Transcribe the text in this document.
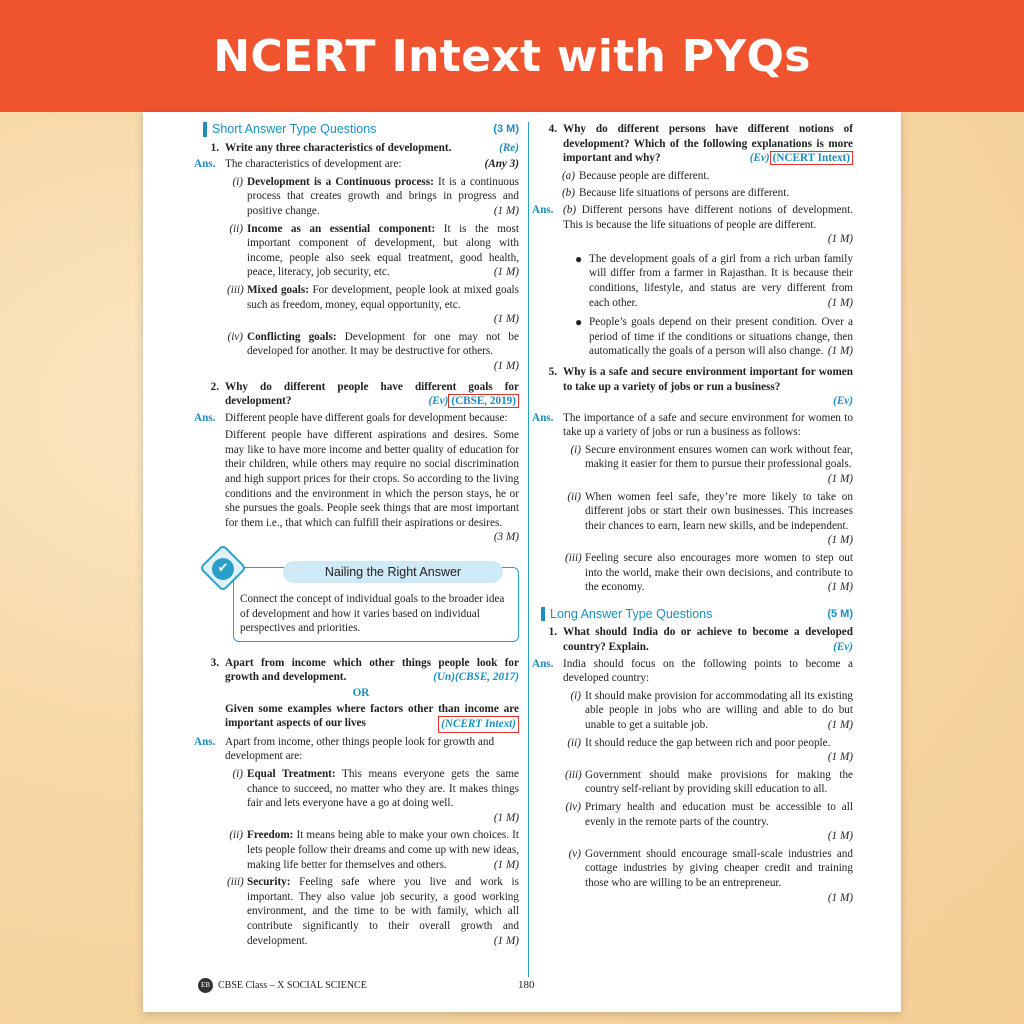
NCERT Intext with PYQs
Short Answer Type Questions	(3 M)
1. Write any three characteristics of development.	(Re)
Ans. The characteristics of development are:	(Any 3)
(i) Development is a Continuous process: It is a continuous process that creates growth and brings in progress and positive change.	(1 M)
(ii) Income as an essential component: It is the most important component of development, but along with income, people also seek equal treatment, good health, peace, literacy, job security, etc.	(1 M)
(iii) Mixed goals: For development, people look at mixed goals such as freedom, money, equal opportunity, etc.
(1 M)
(iv) Conflicting goals: Development for one may not be developed for another. It may be destructive for others.
(1 M)
2. Why do different people have different goals for development?	(Ev) (CBSE, 2019)
Ans. Different people have different goals for development because:
Different people have different aspirations and desires. Some may like to have more income and better quality of education for their children, while others may require no social discrimination and high support prices for their crops. So according to the living conditions and the environment in which the person stays, he or she pursues the goals. People seek things that are most important for them i.e., that which can fulfill their aspirations or desires.
(3 M)
Connect the concept of individual goals to the broader idea of development and how it varies based on individual perspectives and priorities.
Nailing the Right Answer
✔
3. Apart from income which other things people look for growth and development.	(Un)(CBSE, 2017)
OR
Given some examples where factors other than income are important aspects of our lives	(NCERT Intext)
Ans. Apart from income, other things people look for growth and development are:
(i) Equal Treatment: This means everyone gets the same chance to succeed, no matter who they are. It makes things fair and lets everyone have a go at doing well.
(1 M)
(ii) Freedom: It means being able to make your own choices. It lets people follow their dreams and come up with new ideas, making life better for themselves and others.	(1 M)
(iii) Security: Feeling safe where you live and work is important. They also value job security, a good working environment, and the time to be with family, which all contribute significantly to their overall growth and development.	(1 M)
4. Why do different persons have different notions of development? Which of the following explanations is more important and why?	(Ev) (NCERT Intext)
(a) Because people are different.
(b) Because life situations of persons are different.
Ans. (b) Different persons have different notions of development. This is because the life situations of people are different.
(1 M)
● The development goals of a girl from a rich urban family will differ from a farmer in Rajasthan. It is because their conditions, lifestyle, and status are very different from each other.	(1 M)
● People’s goals depend on their present condition. Over a period of time if the conditions or situations change, then automatically the goals of a person will also change. (1 M)
5. Why is a safe and secure environment important for women to take up a variety of jobs or run a business?
(Ev)
Ans. The importance of a safe and secure environment for women to take up a variety of jobs or run a business as follows:
(i) Secure environment ensures women can work without fear, making it easier for them to pursue their professional goals.
(1 M)
(ii) When women feel safe, they’re more likely to take on different jobs or start their own businesses. This increases their chances to earn, learn new skills, and be independent.
(1 M)
(iii) Feeling secure also encourages more women to step out into the world, make their own decisions, and contribute to the economy.	(1 M)
Long Answer Type Questions	(5 M)
1. What should India do or achieve to become a developed country? Explain.	(Ev)
Ans. India should focus on the following points to become a developed country:
(i) It should make provision for accommodating all its existing able people in jobs who are willing and able to do but unable to get a suitable job.	(1 M)
(ii) It should reduce the gap between rich and poor people.
(1 M)
(iii) Government should make provisions for making the country self-reliant by providing skill education to all.
(iv) Primary health and education must be accessible to all evenly in the remote parts of the country.
(1 M)
(v) Government should encourage small-scale industries and cottage industries by giving cheaper credit and training those who are willing to be an entrepreneur.
(1 M)
EB CBSE Class – X SOCIAL SCIENCE	180
